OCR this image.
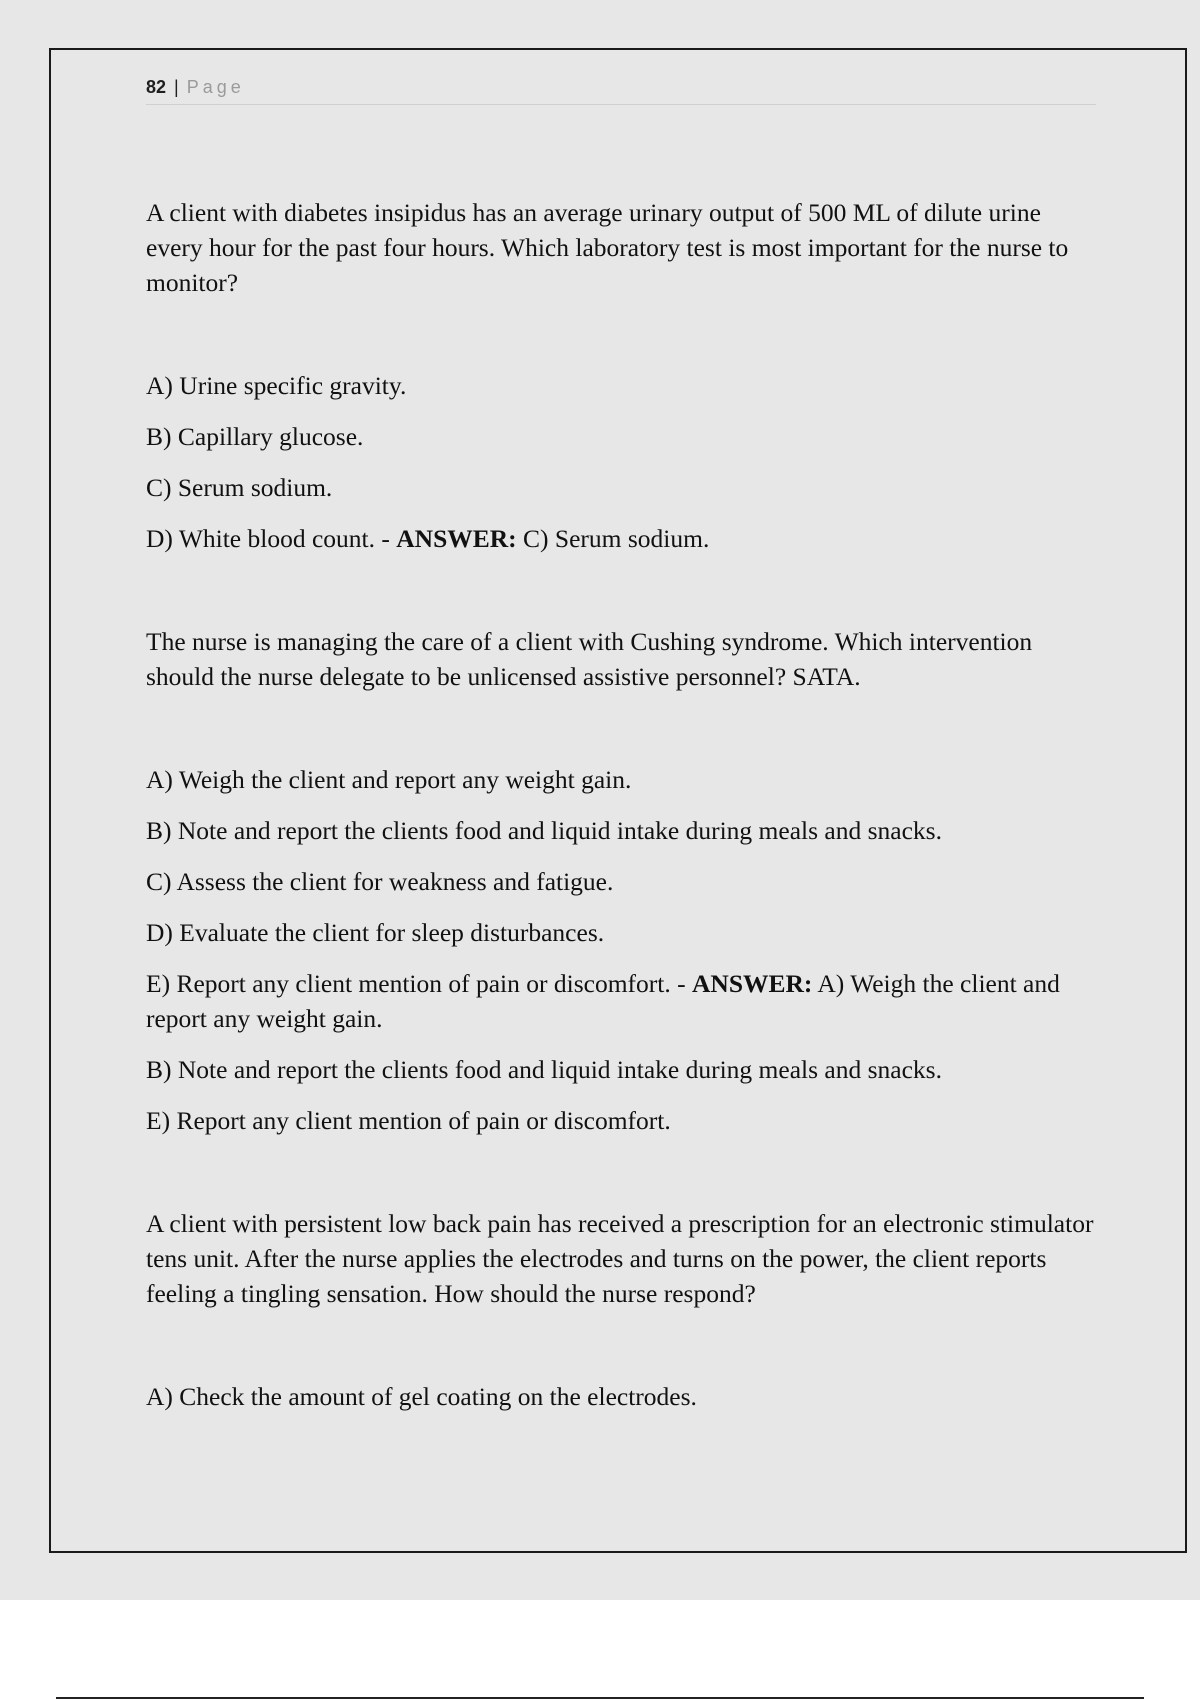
82 | Page

A client with diabetes insipidus has an average urinary output of 500 ML of dilute urine every hour for the past four hours. Which laboratory test is most important for the nurse to monitor?

A) Urine specific gravity.

B) Capillary glucose.

C) Serum sodium.

D) White blood count. - ANSWER: C) Serum sodium.

The nurse is managing the care of a client with Cushing syndrome. Which intervention should the nurse delegate to be unlicensed assistive personnel? SATA.

A) Weigh the client and report any weight gain.

B) Note and report the clients food and liquid intake during meals and snacks.

C) Assess the client for weakness and fatigue.

D) Evaluate the client for sleep disturbances.

E) Report any client mention of pain or discomfort. - ANSWER: A) Weigh the client and report any weight gain.

B) Note and report the clients food and liquid intake during meals and snacks.

E) Report any client mention of pain or discomfort.

A client with persistent low back pain has received a prescription for an electronic stimulator tens unit. After the nurse applies the electrodes and turns on the power, the client reports feeling a tingling sensation. How should the nurse respond?

A) Check the amount of gel coating on the electrodes.
